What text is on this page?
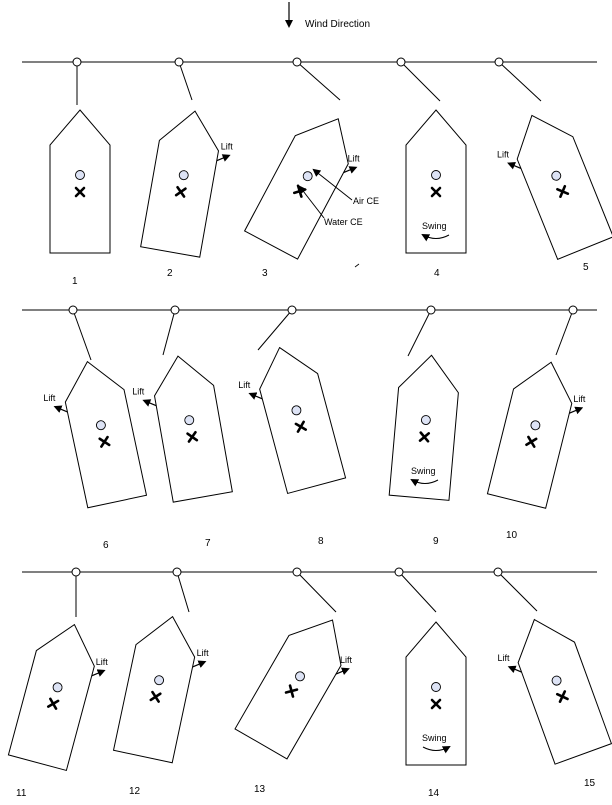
Wind Direction
1
Lift
2
Lift
3
Swing
4
Lift
5
Lift
6
Lift
7
Lift
8
Swing
9
Lift
10
Lift
11
Lift
12
Lift
13
Swing
14
Lift
15
Air CE
Water CE
